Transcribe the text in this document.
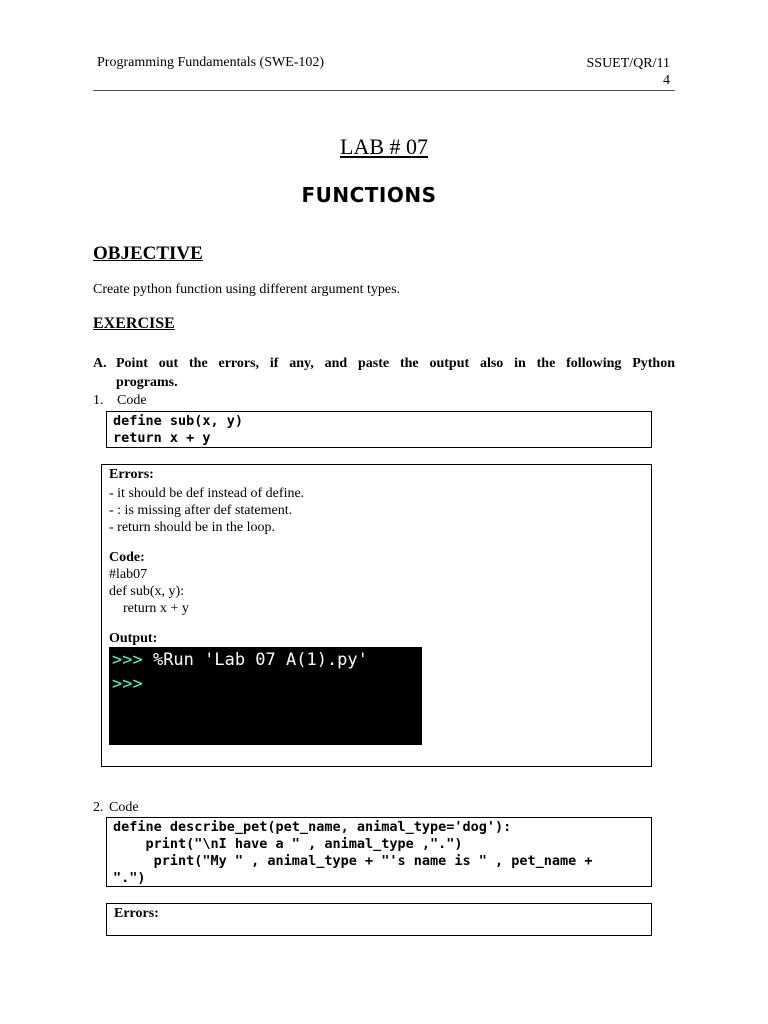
Programming Fundamentals (SWE-102)	SSUET/QR/11
4
LAB # 07
FUNCTIONS
OBJECTIVE
Create python function using different argument types.
EXERCISE
A. Point out the errors, if any, and paste the output also in the following Python
programs.
1. Code
define sub(x, y)
return x + y
Errors:
- it should be def instead of define.
- : is missing after def statement.
- return should be in the loop.
Code:
#lab07
def sub(x, y):
return x + y
Output:
>>> %Run 'Lab 07 A(1).py'
>>>
2. Code
define describe_pet(pet_name, animal_type='dog'):
print("\nI have a " , animal_type ,".")
print("My " , animal_type + "'s name is " , pet_name +
".")
Errors:
